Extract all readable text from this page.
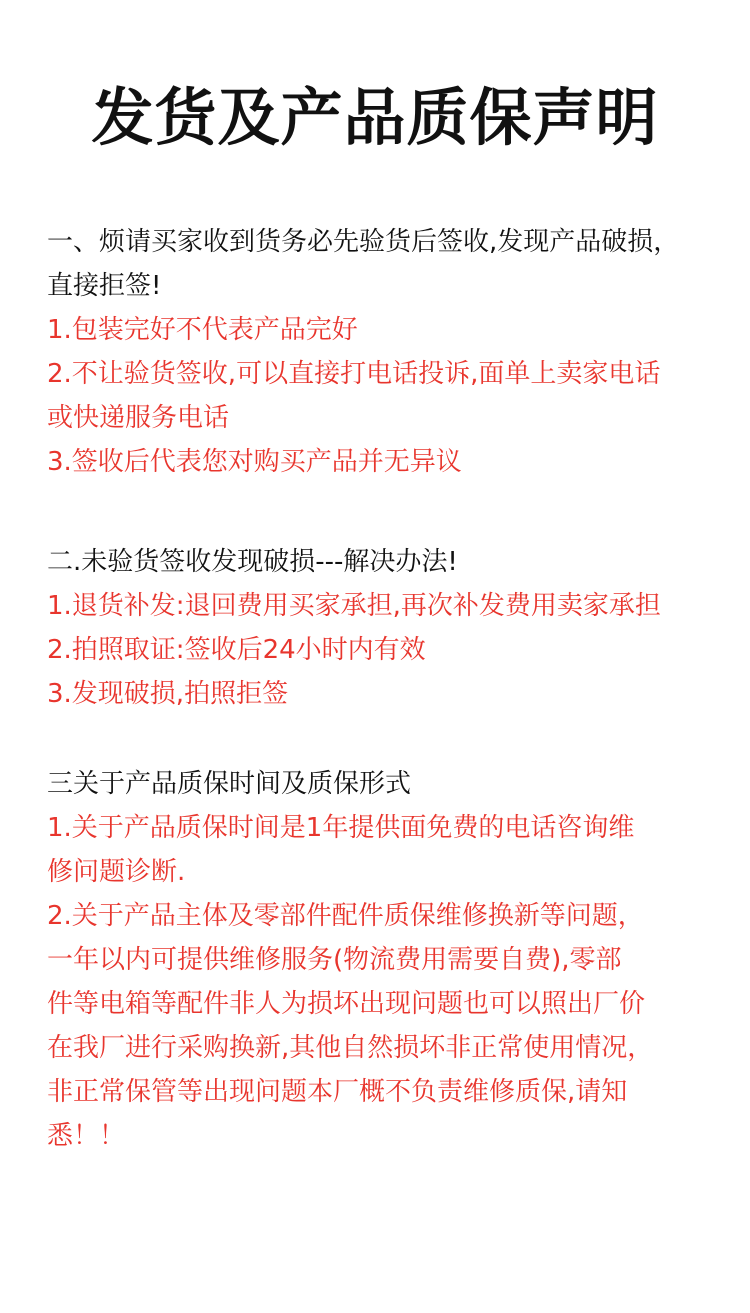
发货及产品质保声明

一、烦请买家收到货务必先验货后签收,发现产品破损，

直接拒签!

1.包装完好不代表产品完好

2.不让验货签收,可以直接打电话投诉,面单上卖家电话

或快递服务电话

3.签收后代表您对购买产品并无异议

二.未验货签收发现破损---解决办法!

1.退货补发:退回费用买家承担,再次补发费用卖家承担

2.拍照取证:签收后24小时内有效

3.发现破损,拍照拒签

三关于产品质保时间及质保形式

1.关于产品质保时间是1年提供面免费的电话咨询维

修问题诊断.

2.关于产品主体及零部件配件质保维修换新等问题，

一年以内可提供维修服务(物流费用需要自费),零部

件等电箱等配件非人为损坏出现问题也可以照出厂价

在我厂进行采购换新,其他自然损坏非正常使用情况，

非正常保管等出现问题本厂概不负责维修质保,请知

悉！！
